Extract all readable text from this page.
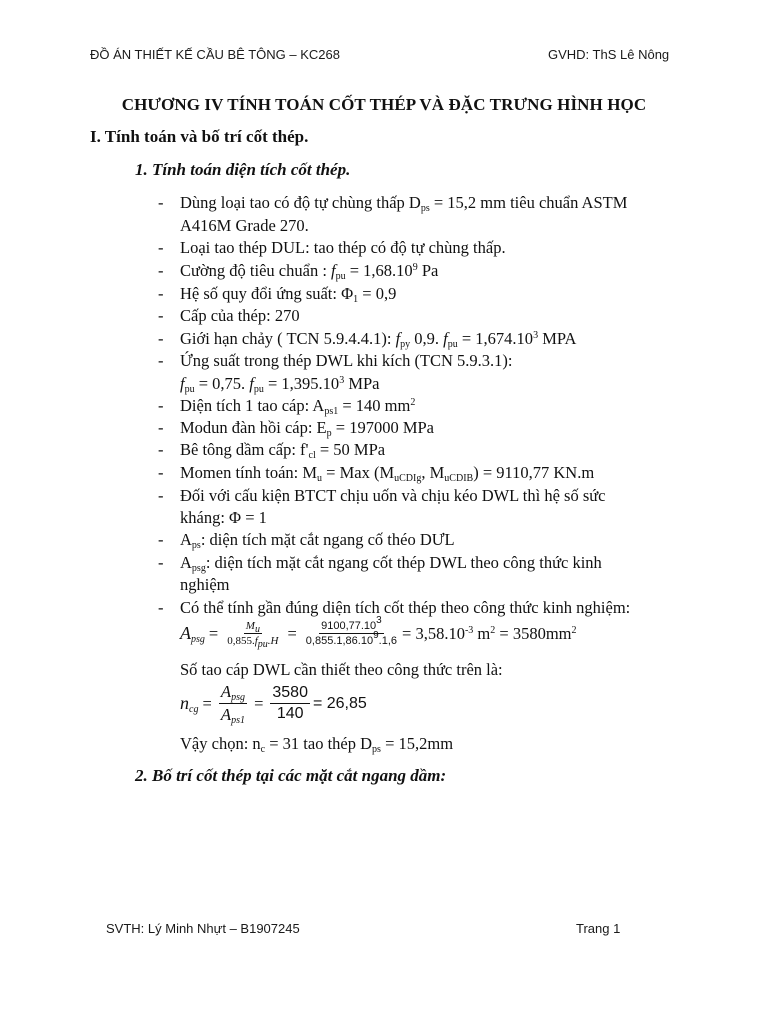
ĐỒ ÁN THIẾT KẾ CẦU BÊ TÔNG – KC268	GVHD: ThS Lê Nông
CHƯƠNG IV TÍNH TOÁN CỐT THÉP VÀ ĐẶC TRƯNG HÌNH HỌC
I. Tính toán và bố trí cốt thép.
1. Tính toán diện tích cốt thép.
- Dùng loại tao có độ tự chùng thấp $D_{ps} = 15,2$ mm tiêu chuẩn ASTM
A416M Grade 270.
- Loại tao thép DUL: tao thép có độ tự chùng thấp.
- Cường độ tiêu chuẩn : $f_{pu} = 1,68.10^9$ Pa
- Hệ số quy đổi ứng suất: $\Phi_1 = 0,9$
- Cấp của thép: 270
- Giới hạn chảy ( TCN 5.9.4.4.1): $f_{py}$ 0,9. $f_{pu} = 1,674.10^3$ MPA
- Ứng suất trong thép DWL khi kích (TCN 5.9.3.1):
$f_{pu} = 0,75$. $f_{pu} = 1,395.10^3$ MPa
- Diện tích 1 tao cáp: $A_{ps1} = 140$ $mm^2$
- Modun đàn hồi cáp: $E_p = 197000$ MPa
- Bê tông dầm cấp: $f'_{cl} = 50$ MPa
- Momen tính toán: $M_u$ = Max ($M_{uCDIg}$, $M_{uCDIB}) = 9110,77$ KN.m
- Đối với cấu kiện BTCT chịu uốn và chịu kéo DWL thì hệ số sức
kháng: Φ = 1
- $A_{ps}$: diện tích mặt cắt ngang cố théo DƯL
- $A_{psg}$: diện tích mặt cắt ngang cốt thép DWL theo công thức kinh
nghiệm
- Có thể tính gần đúng diện tích cốt thép theo công thức kinh nghiệm:
$A_{psg} = \frac{M_u}{0,855.f_{pu}.H} = \frac{9100,77.10^3}{0,855.1,86.10^9.1,6} = 3,58.10^{-3}$ $m^2 = 3580mm^2$
Số tao cáp DWL cần thiết theo công thức trên là:
$n_{cg} = \frac{A_{psg}}{A_{ps1}} = \frac{3580}{140} = 26,85$
Vậy chọn: $n_c = 31$ tao thép $D_{ps} = 15,2mm$
2. Bố trí cốt thép tại các mặt cắt ngang dầm:
SVTH: Lý Minh Nhựt – B1907245	Trang 1
